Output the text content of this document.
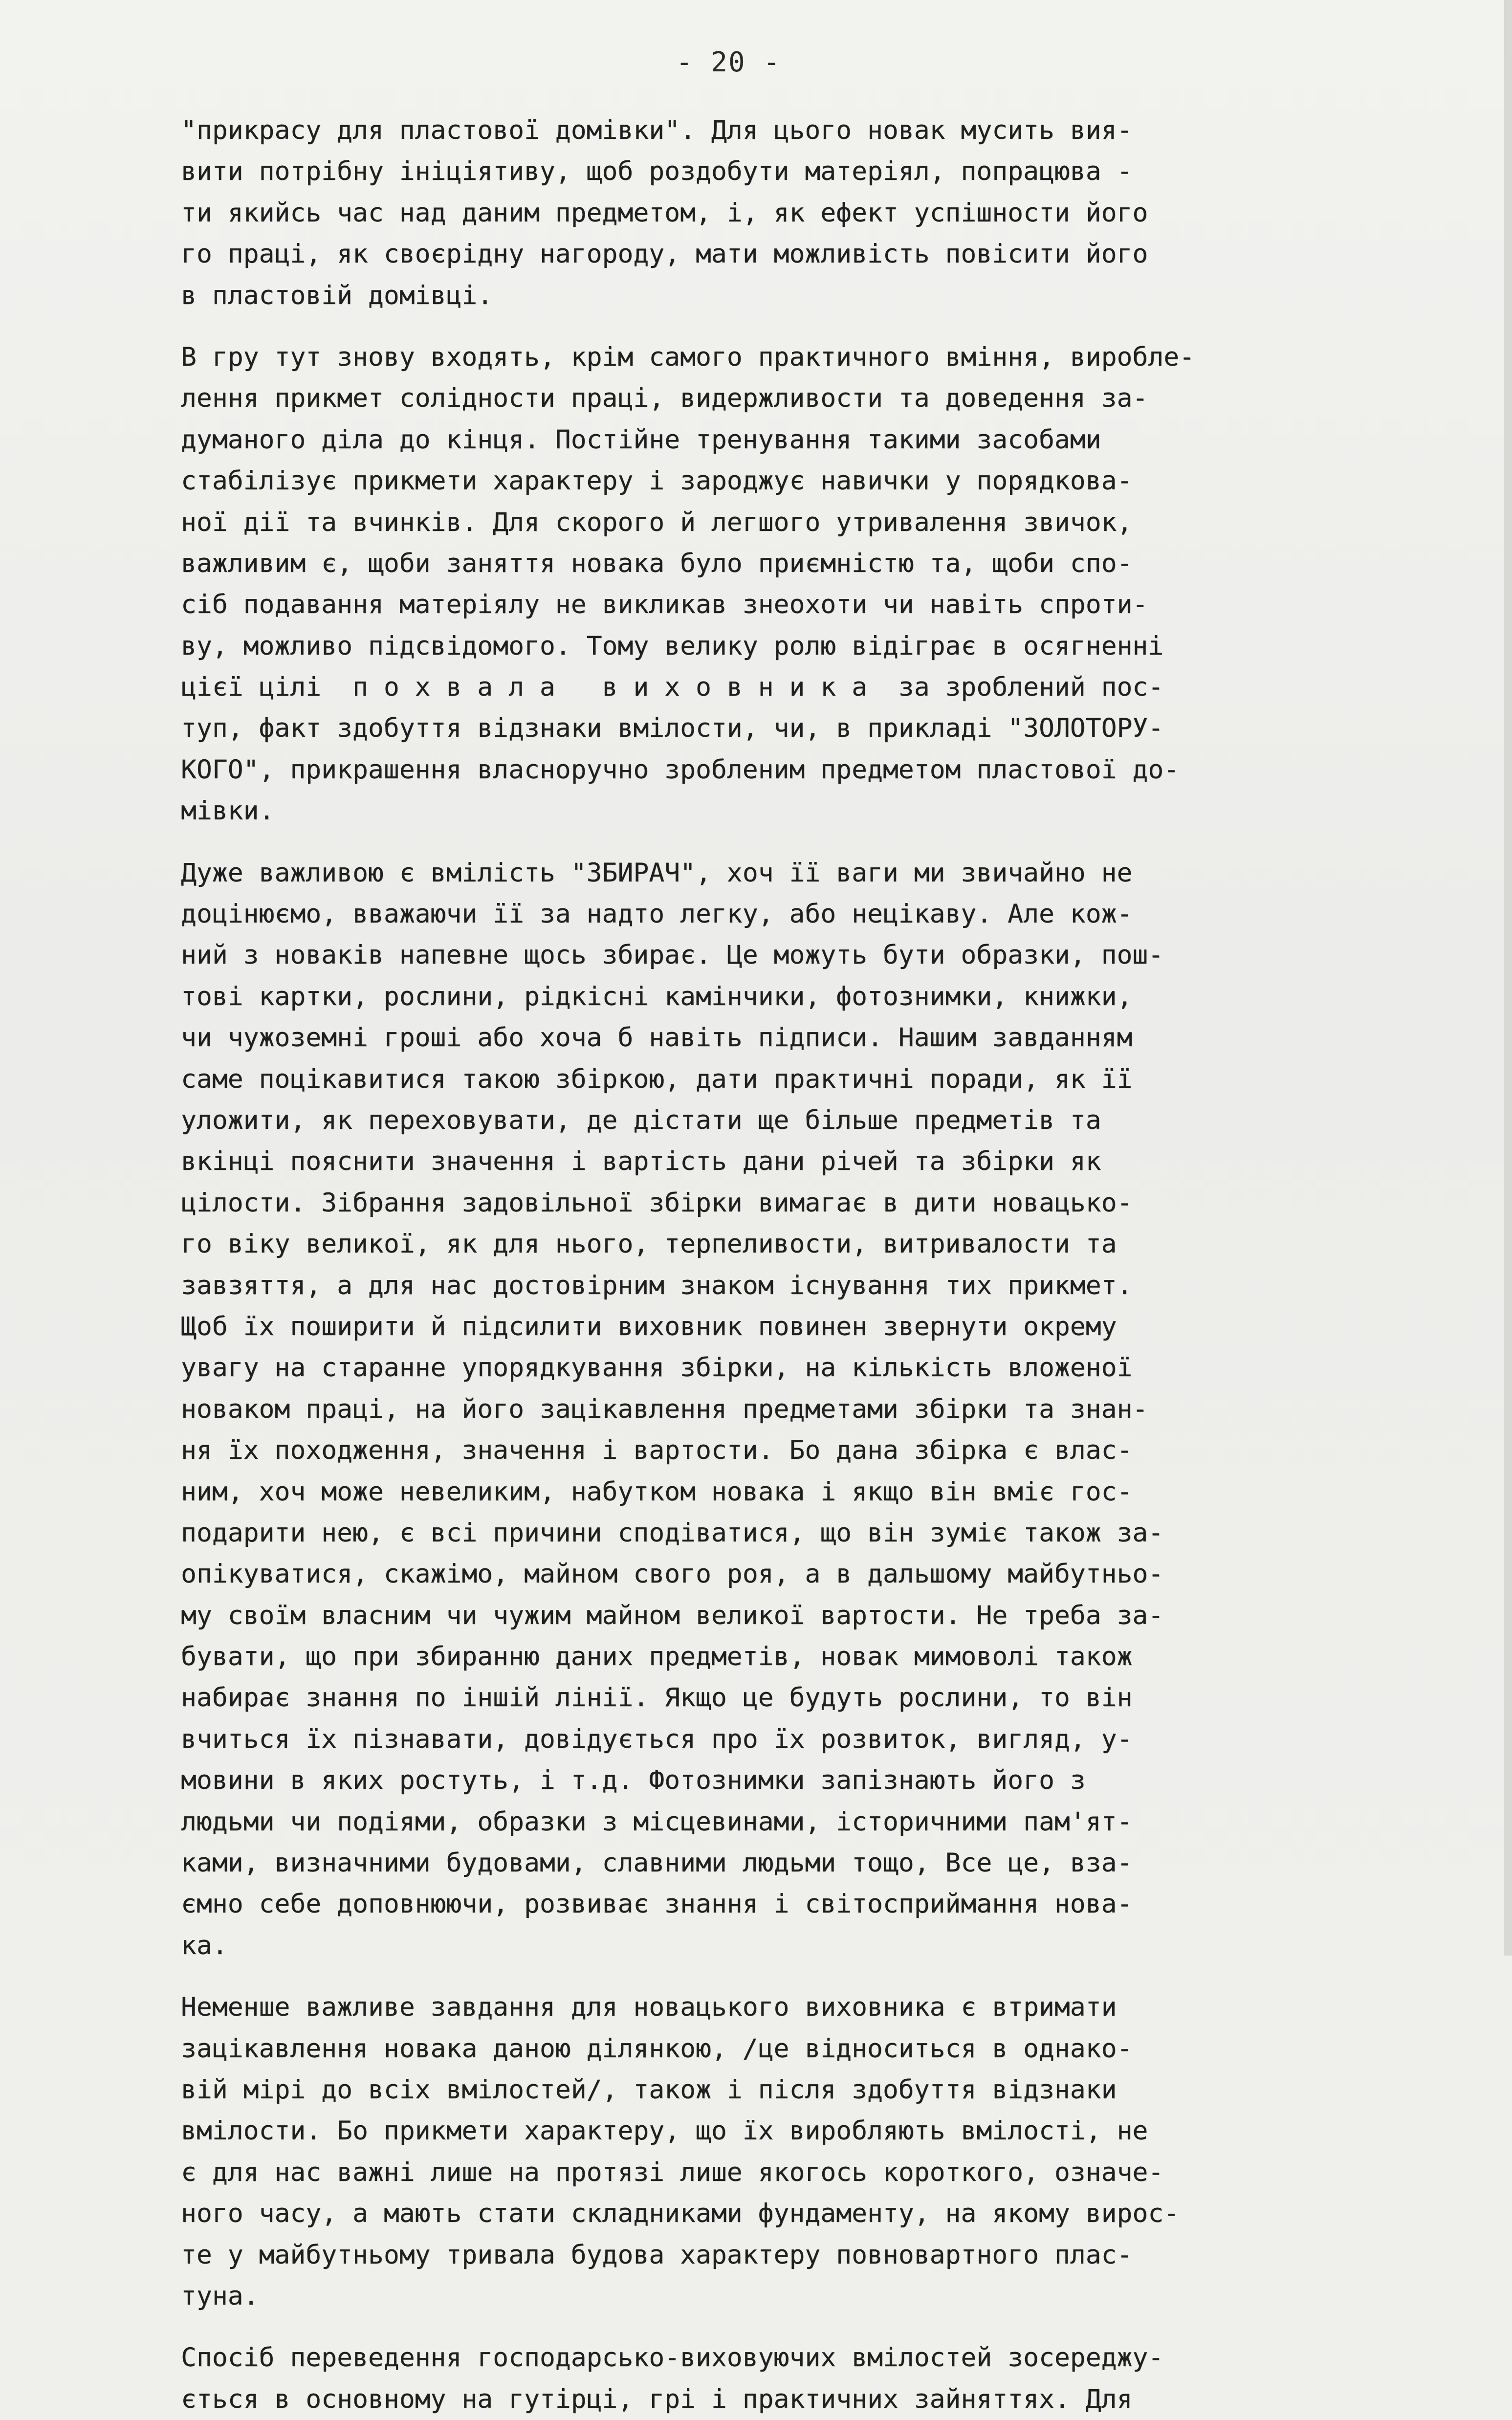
- 20 -
"прикрасу для пластової домівки". Для цього новак мусить вия-
вити потрібну ініціятиву, щоб роздобути матеріял, попрацюва -
ти якийсь час над даним предметом, і, як ефект успішности його
го праці, як своєрідну нагороду, мати можливість повісити його
в пластовій домівці.
В гру тут знову входять, крім самого практичного вміння, виробле-
лення прикмет солідности праці, видержливости та доведення за-
думаного діла до кінця. Постійне тренування такими засобами
стабілізує прикмети характеру і зароджує навички у порядкова-
ної дії та вчинків. Для скорого й легшого утривалення звичок,
важливим є, щоби заняття новака було приємністю та, щоби спо-
сіб подавання матеріялу не викликав знеохоти чи навіть спроти-
ву, можливо підсвідомого. Тому велику ролю відіграє в осягненні
цієї цілі  п о х в а л а   в и х о в н и к а  за зроблений пос-
туп, факт здобуття відзнаки вмілости, чи, в прикладі "ЗОЛОТОРУ-
КОГО", прикрашення власноручно зробленим предметом пластової до-
мівки.
Дуже важливою є вмілість "ЗБИРАЧ", хоч її ваги ми звичайно не
доцінюємо, вважаючи її за надто легку, або нецікаву. Але кож-
ний з новаків напевне щось збирає. Це можуть бути образки, пош-
тові картки, рослини, рідкісні камінчики, фотознимки, книжки,
чи чужоземні гроші або хоча б навіть підписи. Нашим завданням
саме поцікавитися такою збіркою, дати практичні поради, як її
уложити, як переховувати, де дістати ще більше предметів та
вкінці пояснити значення і вартість дани річей та збірки як
цілости. Зібрання задовільної збірки вимагає в дити новацько-
го віку великої, як для нього, терпеливости, витривалости та
завзяття, а для нас достовірним знаком існування тих прикмет.
Щоб їх поширити й підсилити виховник повинен звернути окрему
увагу на старанне упорядкування збірки, на кількість вложеної
новаком праці, на його зацікавлення предметами збірки та знан-
ня їх походження, значення і вартости. Бо дана збірка є влас-
ним, хоч може невеликим, набутком новака і якщо він вміє гос-
подарити нею, є всі причини сподіватися, що він зуміє також за-
опікуватися, скажімо, майном свого роя, а в дальшому майбутньо-
му своїм власним чи чужим майном великої вартости. Не треба за-
бувати, що при збиранню даних предметів, новак мимоволі також
набирає знання по іншій лінії. Якщо це будуть рослини, то він
вчиться їх пізнавати, довідується про їх розвиток, вигляд, у-
мовини в яких ростуть, і т.д. Фотознимки запізнають його з
людьми чи подіями, образки з місцевинами, історичними пам'ят-
ками, визначними будовами, славними людьми тощо, Все це, вза-
ємно себе доповнюючи, розвиває знання і світосприймання нова-
ка.
Неменше важливе завдання для новацького виховника є втримати
зацікавлення новака даною ділянкою, /це відноситься в однако-
вій мірі до всіх вмілостей/, також і після здобуття відзнаки
вмілости. Бо прикмети характеру, що їх виробляють вмілості, не
є для нас важні лише на протязі лише якогось короткого, означе-
ного часу, а мають стати складниками фундаменту, на якому вирос-
те у майбутньому тривала будова характеру повновартного плас-
туна.
Спосіб переведення господарсько-виховуючих вмілостей зосереджу-
ється в основному на гутірці, грі і практичних зайняттях. Для
